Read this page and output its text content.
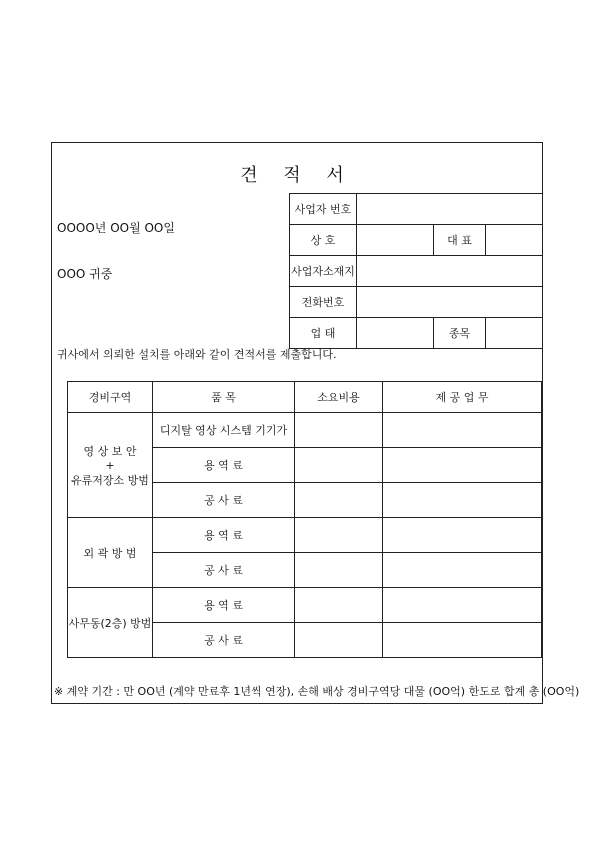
견 적 서
OOOO년 OO월 OO일
OOO 귀중
사업자 번호			
상 호		대 표	
사업자소재지			
전화번호			
업 태		종목	
귀사에서 의뢰한 설치를 아래와 같이 견적서를 제출합니다.
경비구역	품 목	소요비용	제 공 업 무

영 상 보 안
+
유류저장소 방범	디지탈 영상 시스템 기기가		
	용 역 료		
	공 사 료		

외 곽 방 범	용 역 료		
	공 사 료		

사무동(2층) 방범	용 역 료		
	공 사 료		
※ 계약 기간 : 만 OO년 (계약 만료후 1년씩 연장), 손해 배상 경비구역당 대물 (OO억) 한도로 합계 총 (OO억)
